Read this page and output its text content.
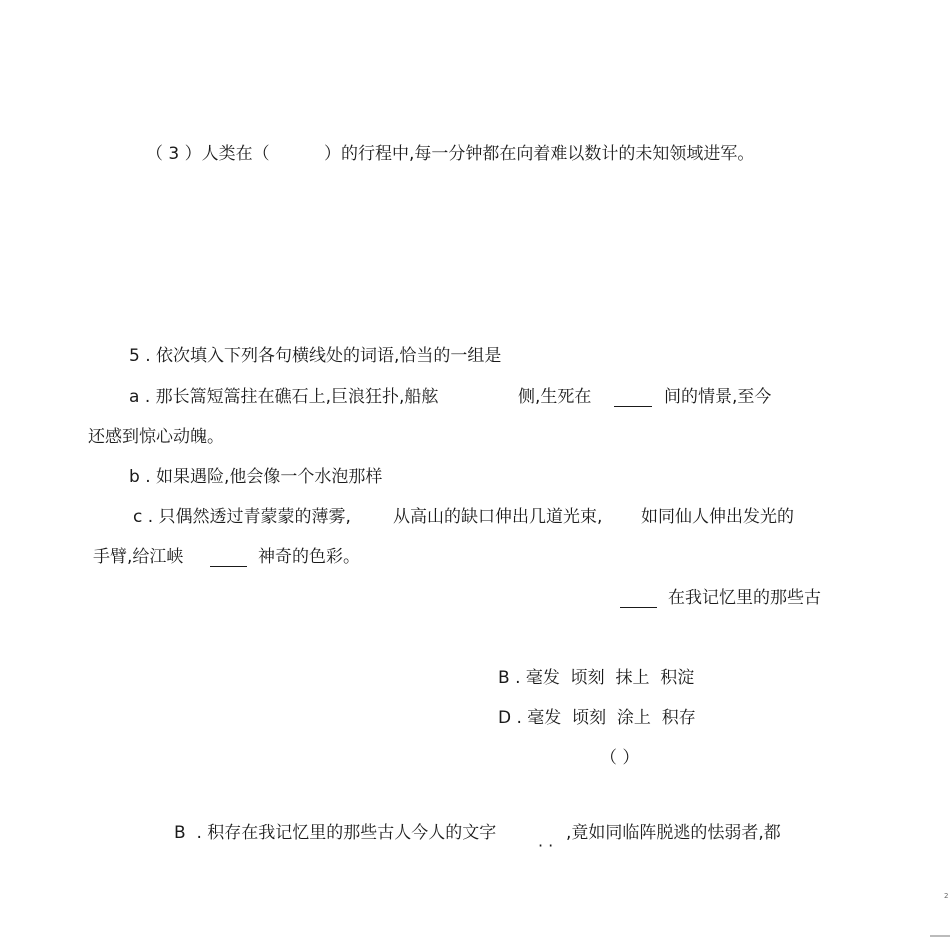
（ 3 ）人类在（	）的行程中,每一分钟都在向着难以数计的未知领域进军。
5 . 依次填入下列各句横线处的词语,恰当的一组是
a . 那长篙短篙拄在礁石上,巨浪狂扑,船舷	侧,生死在	间的情景,至今
还感到惊心动魄。
b . 如果遇险,他会像一个水泡那样
c . 只偶然透过青蒙蒙的薄雾, 从高山的缺口伸出几道光束, 如同仙人伸出发光的
手臂,给江峡	神奇的色彩。
在我记忆里的那些古
B . 毫发  顷刻  抹上  积淀
D . 毫发  顷刻  涂上  积存
（ ）
B  . 积存在我记忆里的那些古人今人的文字
· ·
,竟如同临阵脱逃的怯弱者,都
2
